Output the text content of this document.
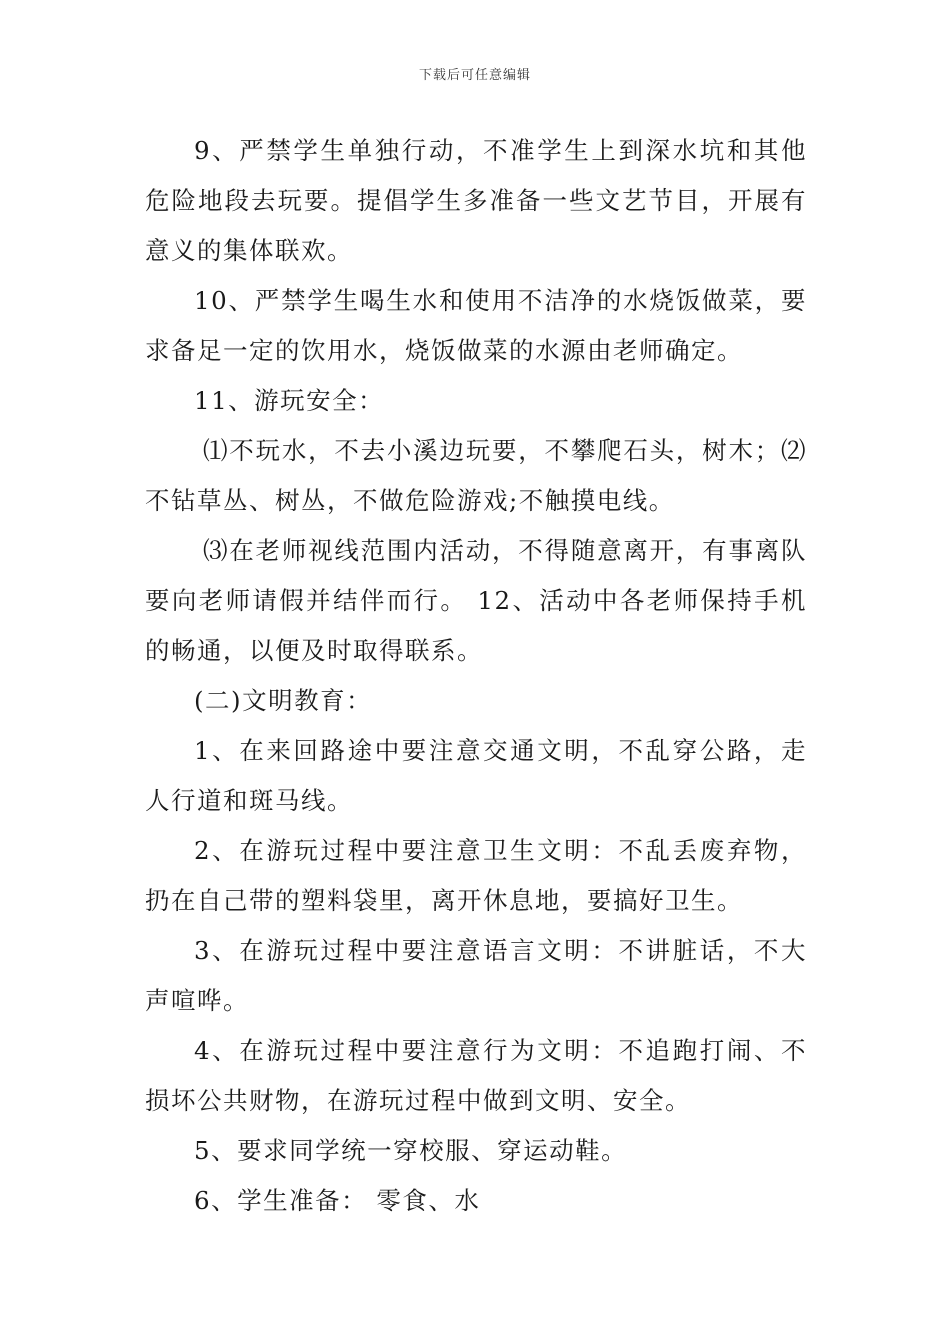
下载后可任意编辑

9、严禁学生单独行动，不准学生上到深水坑和其他危险地段去玩要。提倡学生多准备一些文艺节目，开展有意义的集体联欢。

10、严禁学生喝生水和使用不洁净的水烧饭做菜，要求备足一定的饮用水，烧饭做菜的水源由老师确定。

11、游玩安全：

⑴不玩水，不去小溪边玩要，不攀爬石头，树木；⑵不钻草丛、树丛，不做危险游戏;不触摸电线。

⑶在老师视线范围内活动，不得随意离开，有事离队要向老师请假并结伴而行。 12、活动中各老师保持手机的畅通，以便及时取得联系。

(二)文明教育：

1、在来回路途中要注意交通文明，不乱穿公路，走人行道和斑马线。

2、在游玩过程中要注意卫生文明：不乱丢废弃物，扔在自己带的塑料袋里，离开休息地，要搞好卫生。

3、在游玩过程中要注意语言文明：不讲脏话，不大声喧哗。

4、在游玩过程中要注意行为文明：不追跑打闹、不损坏公共财物，在游玩过程中做到文明、安全。

5、要求同学统一穿校服、穿运动鞋。

6、学生准备： 零食、水
